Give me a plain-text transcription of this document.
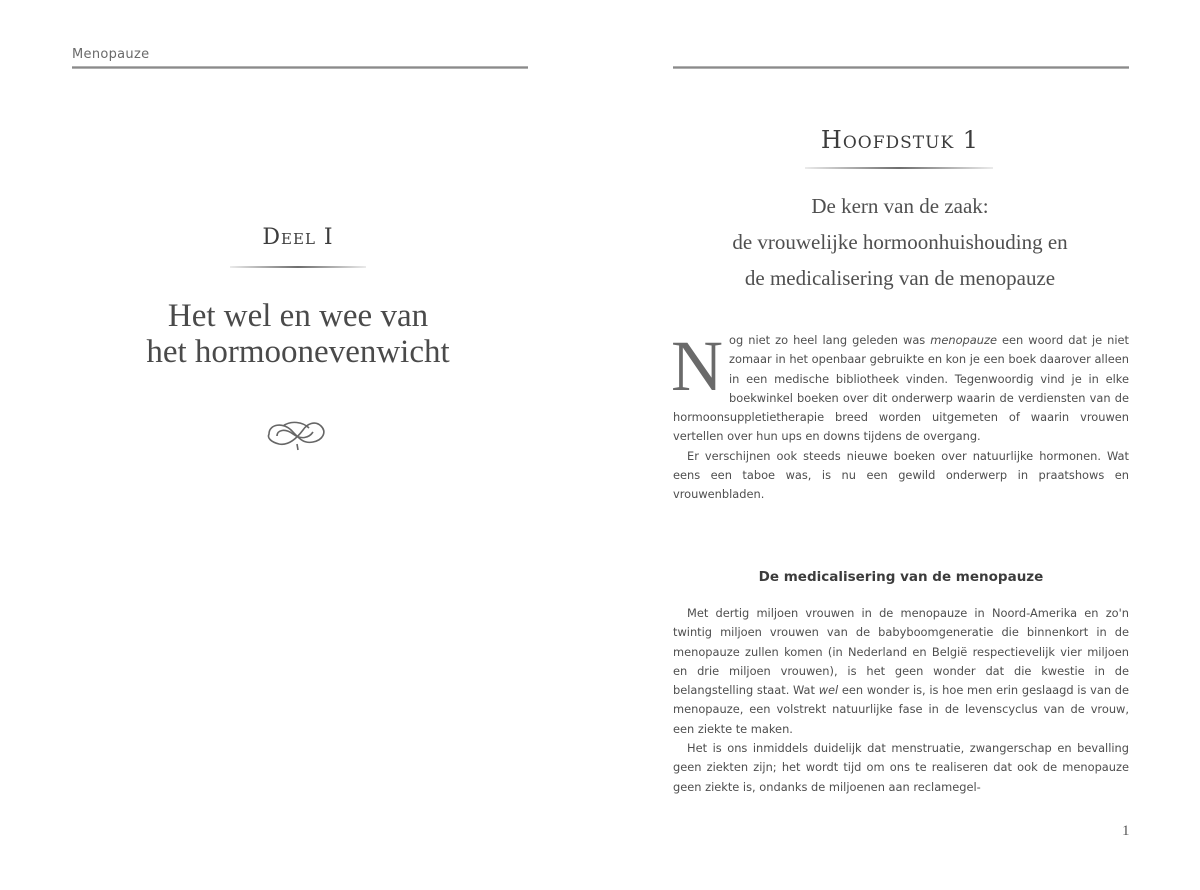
Menopauze
Deel I
Het wel en wee van
het hormoonevenwicht
Hoofdstuk 1
De kern van de zaak:
de vrouwelijke hormoonhuishouding en
de medicalisering van de menopauze

Nog niet zo heel lang geleden was menopauze een woord dat je niet zomaar in het openbaar gebruikte en kon je een boek daarover alleen in een medische bibliotheek vinden. Tegenwoordig vind je in elke boekwinkel boeken over dit onderwerp waarin de verdiensten van de hormoonsuppletietherapie breed worden uitgemeten of waarin vrouwen vertellen over hun ups en downs tijdens de overgang.

Er verschijnen ook steeds nieuwe boeken over natuurlijke hormonen. Wat eens een taboe was, is nu een gewild onderwerp in praatshows en vrouwenbladen.

De medicalisering van de menopauze

Met dertig miljoen vrouwen in de menopauze in Noord-Amerika en zo'n twintig miljoen vrouwen van de babyboomgeneratie die binnenkort in de menopauze zullen komen (in Nederland en België respectievelijk vier miljoen en drie miljoen vrouwen), is het geen wonder dat die kwestie in de belangstelling staat. Wat wel een wonder is, is hoe men erin geslaagd is van de menopauze, een volstrekt natuurlijke fase in de levenscyclus van de vrouw, een ziekte te maken.

Het is ons inmiddels duidelijk dat menstruatie, zwangerschap en bevalling geen ziekten zijn; het wordt tijd om ons te realiseren dat ook de menopauze geen ziekte is, ondanks de miljoenen aan reclamegel-

1
